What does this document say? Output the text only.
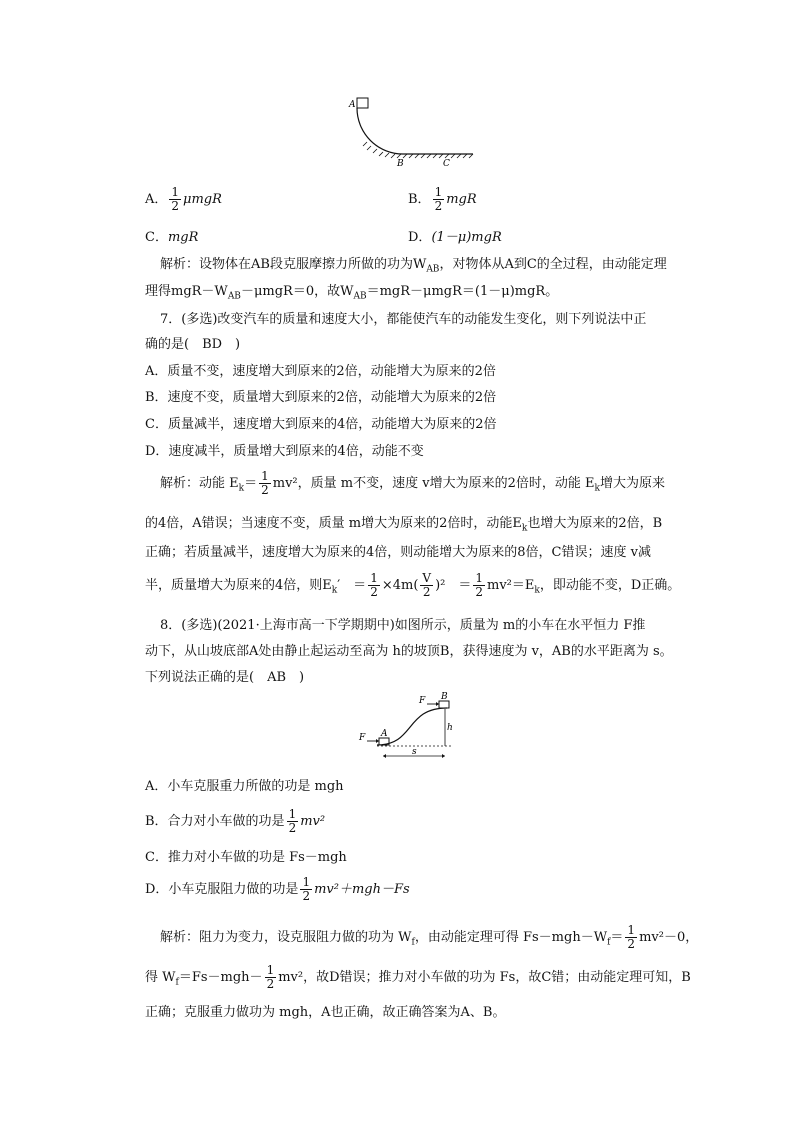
A
B	C
A． $\frac{1}{2}$ μmgR	B． $\frac{1}{2}$ mgR
C．mgR	D．(1－μ)mgR
解析：设物体在AB段克服摩擦力所做的功为$W_{AB}$，对物体从A到C的全过程，由动能定理
理得$mgR-W_{AB}-\mu mgR=0$，故$W_{AB}=mgR-\mu mgR=(1-\mu)mgR$。
7．(多选)改变汽车的质量和速度大小，都能使汽车的动能发生变化，则下列说法中正
确的是(　BD　)
A．质量不变，速度增大到原来的2倍，动能增大为原来的2倍
B．速度不变，质量增大到原来的2倍，动能增大为原来的2倍
C．质量减半，速度增大到原来的4倍，动能增大为原来的2倍
D．速度减半，质量增大到原来的4倍，动能不变
解析：动能 $E_k= \frac{1}{2} mv^2$，质量 m不变，速度 v增大为原来的2倍时，动能 $E_k$增大为原来
的4倍，A错误；当速度不变，质量 m增大为原来的2倍时，动能$E_k$也增大为原来的2倍，B
正确；若质量减半，速度增大为原来的4倍，则动能增大为原来的8倍，C错误；速度 v减
半，质量增大为原来的4倍，则$E_k'$　＝ $\frac{1}{2} \times 4m( \frac{V}{2} )^2$　＝ $\frac{1}{2} mv^2=E_k$，即动能不变，D正确。
8．(多选)(2021·上海市高一下学期期中)如图所示，质量为 m的小车在水平恒力 F推
动下，从山坡底部A处由静止起运动至高为 h的坡顶B，获得速度为 v，AB的水平距离为 s。
下列说法正确的是(　AB　)
F A
F B
h
s
A．小车克服重力所做的功是 mgh
B．合力对小车做的功是 $\frac{1}{2} mv^2$
C．推力对小车做的功是 Fs－mgh
D．小车克服阻力做的功是 $\frac{1}{2} mv^2+mgh-Fs$
解析：阻力为变力，设克服阻力做的功为 $W_f$，由动能定理可得 $Fs-mgh-W_f= \frac{1}{2} mv^2-0$，
得 $W_f=Fs-mgh- \frac{1}{2} mv^2$，故D错误；推力对小车做的功为 Fs，故C错；由动能定理可知，B
正确；克服重力做功为 mgh，A也正确，故正确答案为A、B。
